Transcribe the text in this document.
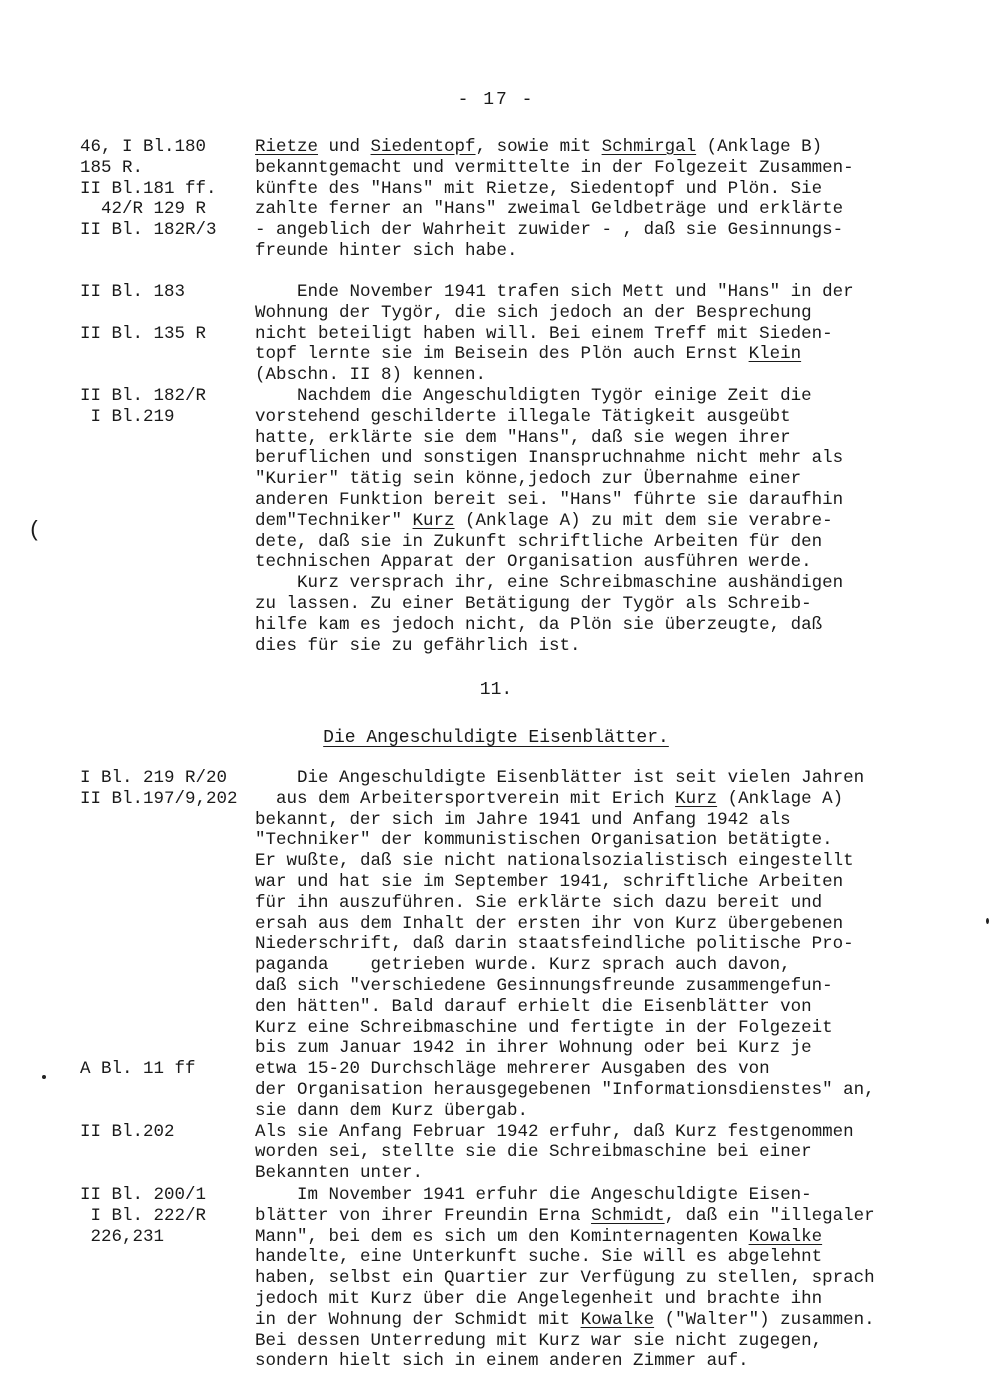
- 17 -
46, I Bl.180
185 R.
II Bl.181 ff.
42/R 129 R
II Bl. 182R/3
Rietze und Siedentopf, sowie mit Schmirgal (Anklage B)
bekanntgemacht und vermittelte in der Folgezeit Zusammen-
künfte des "Hans" mit Rietze, Siedentopf und Plön. Sie
zahlte ferner an "Hans" zweimal Geldbeträge und erklärte
- angeblich der Wahrheit zuwider - , daß sie Gesinnungs-
freunde hinter sich habe.
II Bl. 183
II Bl. 135 R
II Bl. 182/R
I Bl.219
Ende November 1941 trafen sich Mett und "Hans" in der
Wohnung der Tygör, die sich jedoch an der Besprechung
nicht beteiligt haben will. Bei einem Treff mit Sieden-
topf lernte sie im Beisein des Plön auch Ernst Klein
(Abschn. II 8) kennen.
Nachdem die Angeschuldigten Tygör einige Zeit die
vorstehend geschilderte illegale Tätigkeit ausgeübt
hatte, erklärte sie dem "Hans", daß sie wegen ihrer
beruflichen und sonstigen Inanspruchnahme nicht mehr als
"Kurier" tätig sein könne,jedoch zur Übernahme einer
anderen Funktion bereit sei. "Hans" führte sie daraufhin
dem"Techniker" Kurz (Anklage A) zu mit dem sie verabre-
dete, daß sie in Zukunft schriftliche Arbeiten für den
technischen Apparat der Organisation ausführen werde.
Kurz versprach ihr, eine Schreibmaschine aushändigen
zu lassen. Zu einer Betätigung der Tygör als Schreib-
hilfe kam es jedoch nicht, da Plön sie überzeugte, daß
dies für sie zu gefährlich ist.
(
11.
Die Angeschuldigte Eisenblätter.
I Bl. 219 R/20
II Bl.197/9,202
A Bl. 11 ff
II Bl.202
Die Angeschuldigte Eisenblätter ist seit vielen Jahren
aus dem Arbeitersportverein mit Erich Kurz (Anklage A)
bekannt, der sich im Jahre 1941 und Anfang 1942 als
"Techniker" der kommunistischen Organisation betätigte.
Er wußte, daß sie nicht nationalsozialistisch eingestellt
war und hat sie im September 1941, schriftliche Arbeiten
für ihn auszuführen. Sie erklärte sich dazu bereit und
ersah aus dem Inhalt der ersten ihr von Kurz übergebenen
Niederschrift, daß darin staatsfeindliche politische Pro-
paganda    getrieben wurde. Kurz sprach auch davon,
daß sich "verschiedene Gesinnungsfreunde zusammengefun-
den hätten". Bald darauf erhielt die Eisenblätter von
Kurz eine Schreibmaschine und fertigte in der Folgezeit
bis zum Januar 1942 in ihrer Wohnung oder bei Kurz je
etwa 15-20 Durchschläge mehrerer Ausgaben des von
der Organisation herausgegebenen "Informationsdienstes" an,
sie dann dem Kurz übergab.
Als sie Anfang Februar 1942 erfuhr, daß Kurz festgenommen
worden sei, stellte sie die Schreibmaschine bei einer
Bekannten unter.
II Bl. 200/1
I Bl. 222/R
226,231
Im November 1941 erfuhr die Angeschuldigte Eisen-
blätter von ihrer Freundin Erna Schmidt, daß ein "illegaler
Mann", bei dem es sich um den Kominternagenten Kowalke
handelte, eine Unterkunft suche. Sie will es abgelehnt
haben, selbst ein Quartier zur Verfügung zu stellen, sprach
jedoch mit Kurz über die Angelegenheit und brachte ihn
in der Wohnung der Schmidt mit Kowalke ("Walter") zusammen.
Bei dessen Unterredung mit Kurz war sie nicht zugegen,
sondern hielt sich in einem anderen Zimmer auf.
